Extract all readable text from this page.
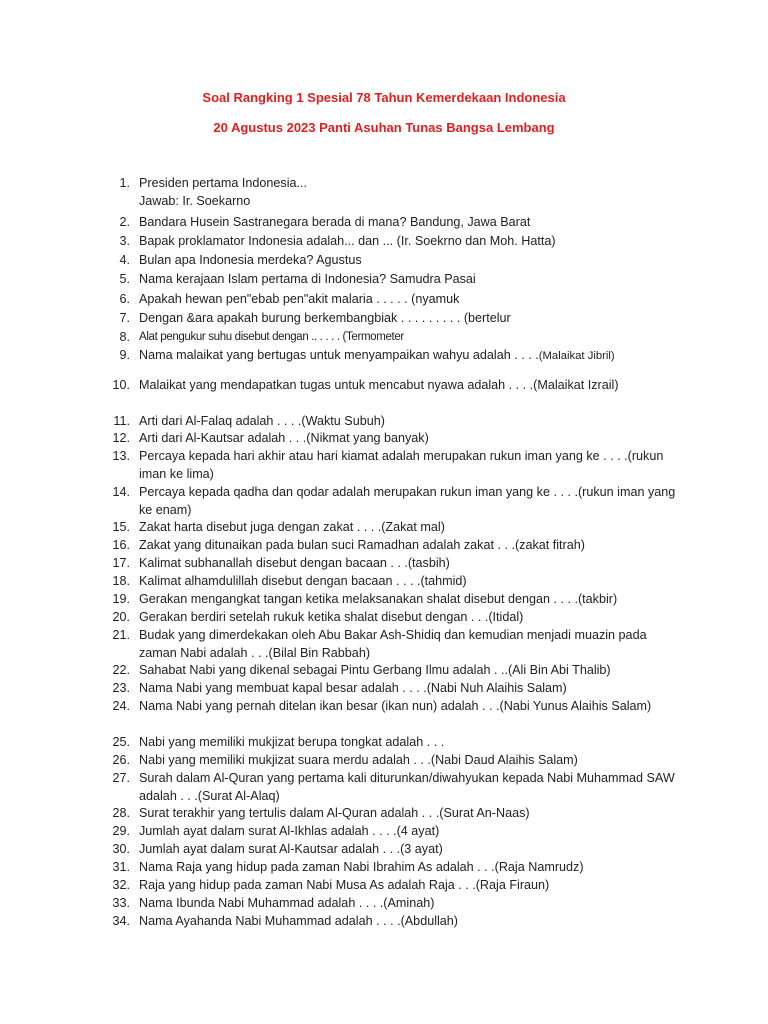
Soal Rangking 1 Spesial 78 Tahun Kemerdekaan Indonesia
20 Agustus 2023 Panti Asuhan Tunas Bangsa Lembang
1. Presiden pertama Indonesia...
Jawab: Ir. Soekarno
2. Bandara Husein Sastranegara berada di mana? Bandung, Jawa Barat
3. Bapak proklamator Indonesia adalah... dan ... (Ir. Soekrno dan Moh. Hatta)
4. Bulan apa Indonesia merdeka? Agustus
5. Nama kerajaan Islam pertama di Indonesia? Samudra Pasai
6. Apakah hewan pen"ebab pen"akit malaria . . . . . (nyamuk
7. Dengan &ara apakah burung berkembangbiak . . . . . . . . . (bertelur
8. Alat pengukur suhu disebut dengan .. . . . . (Termometer
9. Nama malaikat yang bertugas untuk menyampaikan wahyu adalah . . . .(Malaikat Jibril)
10. Malaikat yang mendapatkan tugas untuk mencabut nyawa adalah . . . .(Malaikat Izrail)
11. Arti dari Al-Falaq adalah . . . .(Waktu Subuh)
12. Arti dari Al-Kautsar adalah . . .(Nikmat yang banyak)
13. Percaya kepada hari akhir atau hari kiamat adalah merupakan rukun iman yang ke . . . .(rukun iman ke lima)
14. Percaya kepada qadha dan qodar adalah merupakan rukun iman yang ke . . . .(rukun iman yang ke enam)
15. Zakat harta disebut juga dengan zakat . . . .(Zakat mal)
16. Zakat yang ditunaikan pada bulan suci Ramadhan adalah zakat . . .(zakat fitrah)
17. Kalimat subhanallah disebut dengan bacaan . . .(tasbih)
18. Kalimat alhamdulillah disebut dengan bacaan . . . .(tahmid)
19. Gerakan mengangkat tangan ketika melaksanakan shalat disebut dengan . . . .(takbir)
20. Gerakan berdiri setelah rukuk ketika shalat disebut dengan . . .(Itidal)
21. Budak yang dimerdekakan oleh Abu Bakar Ash-Shidiq dan kemudian menjadi muazin pada zaman Nabi adalah . . .(Bilal Bin Rabbah)
22. Sahabat Nabi yang dikenal sebagai Pintu Gerbang Ilmu adalah . ..(Ali Bin Abi Thalib)
23. Nama Nabi yang membuat kapal besar adalah . . . .(Nabi Nuh Alaihis Salam)
24. Nama Nabi yang pernah ditelan ikan besar (ikan nun) adalah . . .(Nabi Yunus Alaihis Salam)
25. Nabi yang memiliki mukjizat berupa tongkat adalah . . .
26. Nabi yang memiliki mukjizat suara merdu adalah . . .(Nabi Daud Alaihis Salam)
27. Surah dalam Al-Quran yang pertama kali diturunkan/diwahyukan kepada Nabi Muhammad SAW adalah . . .(Surat Al-Alaq)
28. Surat terakhir yang tertulis dalam Al-Quran adalah . . .(Surat An-Naas)
29. Jumlah ayat dalam surat Al-Ikhlas adalah . . . .(4 ayat)
30. Jumlah ayat dalam surat Al-Kautsar adalah . . .(3 ayat)
31. Nama Raja yang hidup pada zaman Nabi Ibrahim As adalah . . .(Raja Namrudz)
32. Raja yang hidup pada zaman Nabi Musa As adalah Raja . . .(Raja Firaun)
33. Nama Ibunda Nabi Muhammad adalah . . . .(Aminah)
34. Nama Ayahanda Nabi Muhammad adalah . . . .(Abdullah)
